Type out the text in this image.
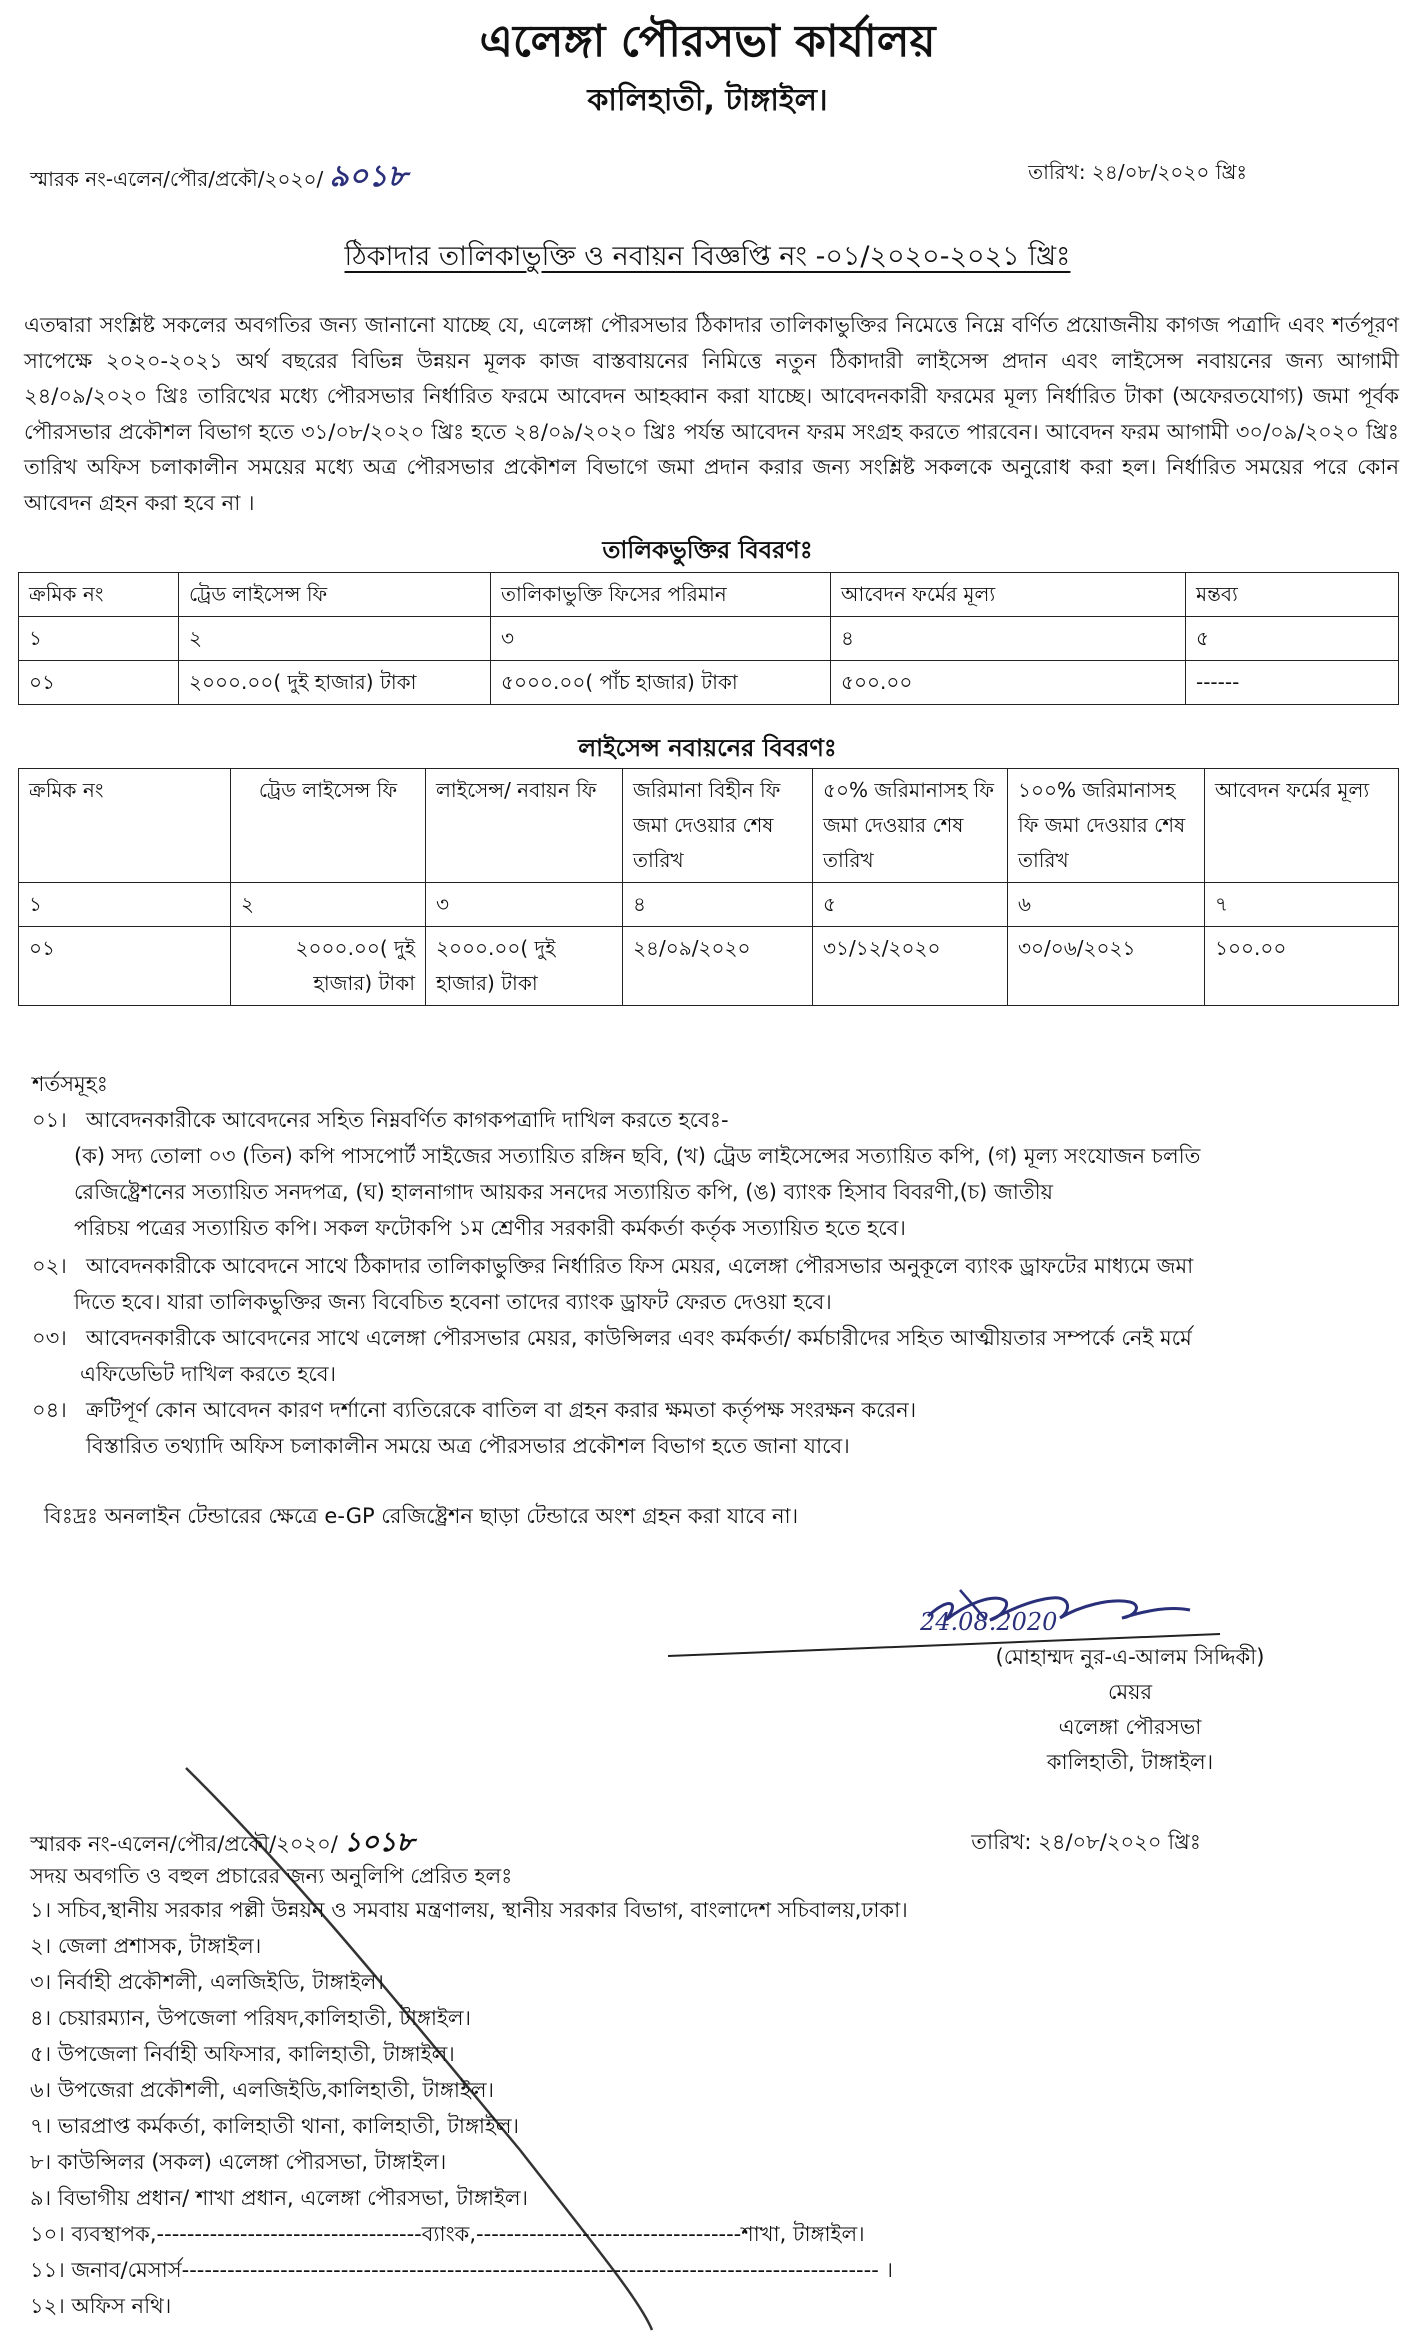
এলেঙ্গা পৌরসভা কার্যালয়
কালিহাতী, টাঙ্গাইল।
স্মারক নং-এলেন/পৌর/প্রকৌ/২০২০/ ৯০১৮	তারিখ: ২৪/০৮/২০২০ খ্রিঃ
ঠিকাদার তালিকাভুক্তি ও নবায়ন বিজ্ঞপ্তি নং -০১/২০২০-২০২১ খ্রিঃ
এতদ্বারা সংশ্লিষ্ট সকলের অবগতির জন্য জানানো যাচ্ছে যে, এলেঙ্গা পৌরসভার ঠিকাদার তালিকাভুক্তির নিমেত্তে নিম্নে বর্ণিত প্রয়োজনীয় কাগজ পত্রাদি এবং শর্তপূরণ সাপেক্ষে ২০২০-২০২১ অর্থ বছরের বিভিন্ন উন্নয়ন মূলক কাজ বাস্তবায়নের নিমিত্তে নতুন ঠিকাদারী লাইসেন্স প্রদান এবং লাইসেন্স নবায়নের জন্য আগামী ২৪/০৯/২০২০ খ্রিঃ তারিখের মধ্যে পৌরসভার নির্ধারিত ফরমে আবেদন আহব্বান করা যাচ্ছে। আবেদনকারী ফরমের মূল্য নির্ধারিত টাকা (অফেরতযোগ্য) জমা পূর্বক পৌরসভার প্রকৌশল বিভাগ হতে ৩১/০৮/২০২০ খ্রিঃ হতে ২৪/০৯/২০২০ খ্রিঃ পর্যন্ত আবেদন ফরম সংগ্রহ করতে পারবেন। আবেদন ফরম আগামী ৩০/০৯/২০২০ খ্রিঃ তারিখ অফিস চলাকালীন সময়ের মধ্যে অত্র পৌরসভার প্রকৌশল বিভাগে জমা প্রদান করার জন্য সংশ্লিষ্ট সকলকে অনুরোধ করা হল। নির্ধারিত সময়ের পরে কোন আবেদন গ্রহন করা হবে না ।
তালিকভুক্তির বিবরণঃ
ক্রমিক নং	ট্রেড লাইসেন্স ফি	তালিকাভুক্তি ফিসের পরিমান	আবেদন ফর্মের মূল্য	মন্তব্য
১	২	৩	৪	৫
০১	২০০০.০০( দুই হাজার) টাকা	৫০০০.০০( পাঁচ হাজার) টাকা	৫০০.০০	------
লাইসেন্স নবায়নের বিবরণঃ
ক্রমিক নং	ট্রেড লাইসেন্স ফি	লাইসেন্স/ নবায়ন ফি	জরিমানা বিহীন ফি জমা দেওয়ার শেষ তারিখ	৫০% জরিমানাসহ ফি জমা দেওয়ার শেষ তারিখ	১০০% জরিমানাসহ ফি জমা দেওয়ার শেষ তারিখ	আবেদন ফর্মের মূল্য
১	২	৩	৪	৫	৬	৭
০১	২০০০.০০( দুই হাজার) টাকা	২০০০.০০( দুই হাজার) টাকা	২৪/০৯/২০২০	৩১/১২/২০২০	৩০/০৬/২০২১	১০০.০০
শর্তসমূহঃ
০১। আবেদনকারীকে আবেদনের সহিত নিম্নবর্ণিত কাগকপত্রাদি দাখিল করতে হবেঃ-
(ক) সদ্য তোলা ০৩ (তিন) কপি পাসপোর্ট সাইজের সত্যায়িত রঙ্গিন ছবি, (খ) ট্রেড লাইসেন্সের সত্যায়িত কপি, (গ) মূল্য সংযোজন চলতি
রেজিষ্ট্রেশনের সত্যায়িত সনদপত্র, (ঘ) হালনাগাদ আয়কর সনদের সত্যায়িত কপি, (ঙ) ব্যাংক হিসাব বিবরণী,(চ) জাতীয়
পরিচয় পত্রের সত্যায়িত কপি। সকল ফটোকপি ১ম শ্রেণীর সরকারী কর্মকর্তা কর্তৃক সত্যায়িত হতে হবে।
০২। আবেদনকারীকে আবেদনে সাথে ঠিকাদার তালিকাভুক্তির নির্ধারিত ফিস মেয়র, এলেঙ্গা পৌরসভার অনুকূলে ব্যাংক ড্রাফটের মাধ্যমে জমা
দিতে হবে। যারা তালিকভুক্তির জন্য বিবেচিত হবেনা তাদের ব্যাংক ড্রাফট ফেরত দেওয়া হবে।
০৩। আবেদনকারীকে আবেদনের সাথে এলেঙ্গা পৌরসভার মেয়র, কাউন্সিলর এবং কর্মকর্তা/ কর্মচারীদের সহিত আত্মীয়তার সম্পর্কে নেই মর্মে
এফিডেভিট দাখিল করতে হবে।
০৪। ক্রটিপূর্ণ কোন আবেদন কারণ দর্শানো ব্যতিরেকে বাতিল বা গ্রহন করার ক্ষমতা কর্তৃপক্ষ সংরক্ষন করেন।
বিস্তারিত তথ্যাদি অফিস চলাকালীন সময়ে অত্র পৌরসভার প্রকৌশল বিভাগ হতে জানা যাবে।
বিঃদ্রঃ অনলাইন টেন্ডারের ক্ষেত্রে e-GP রেজিষ্ট্রেশন ছাড়া টেন্ডারে অংশ গ্রহন করা যাবে না।
24.08.2020
(মোহাম্মদ নুর-এ-আলম সিদ্দিকী)
মেয়র
এলেঙ্গা পৌরসভা
কালিহাতী, টাঙ্গাইল।
স্মারক নং-এলেন/পৌর/প্রকৌ/২০২০/ ১০১৮	তারিখ: ২৪/০৮/২০২০ খ্রিঃ
সদয় অবগতি ও বহুল প্রচারের জন্য অনুলিপি প্রেরিত হলঃ
১। সচিব,স্থানীয় সরকার পল্লী উন্নয়ন ও সমবায় মন্ত্রণালয়, স্থানীয় সরকার বিভাগ, বাংলাদেশ সচিবালয়,ঢাকা।
২। জেলা প্রশাসক, টাঙ্গাইল।
৩। নির্বাহী প্রকৌশলী, এলজিইডি, টাঙ্গাইল।
৪। চেয়ারম্যান, উপজেলা পরিষদ,কালিহাতী, টাঙ্গাইল।
৫। উপজেলা নির্বাহী অফিসার, কালিহাতী, টাঙ্গাইল।
৬। উপজেরা প্রকৌশলী, এলজিইডি,কালিহাতী, টাঙ্গাইল।
৭। ভারপ্রাপ্ত কর্মকর্তা, কালিহাতী থানা, কালিহাতী, টাঙ্গাইল।
৮। কাউন্সিলর (সকল) এলেঙ্গা পৌরসভা, টাঙ্গাইল।
৯। বিভাগীয় প্রধান/ শাখা প্রধান, এলেঙ্গা পৌরসভা, টাঙ্গাইল।
১০। ব্যবস্থাপক,-----------------------------------ব্যাংক,-----------------------------------শাখা, টাঙ্গাইল।
১১। জনাব/মেসার্স-------------------------------------------------------------------------------------------- ।
১২। অফিস নথি।
